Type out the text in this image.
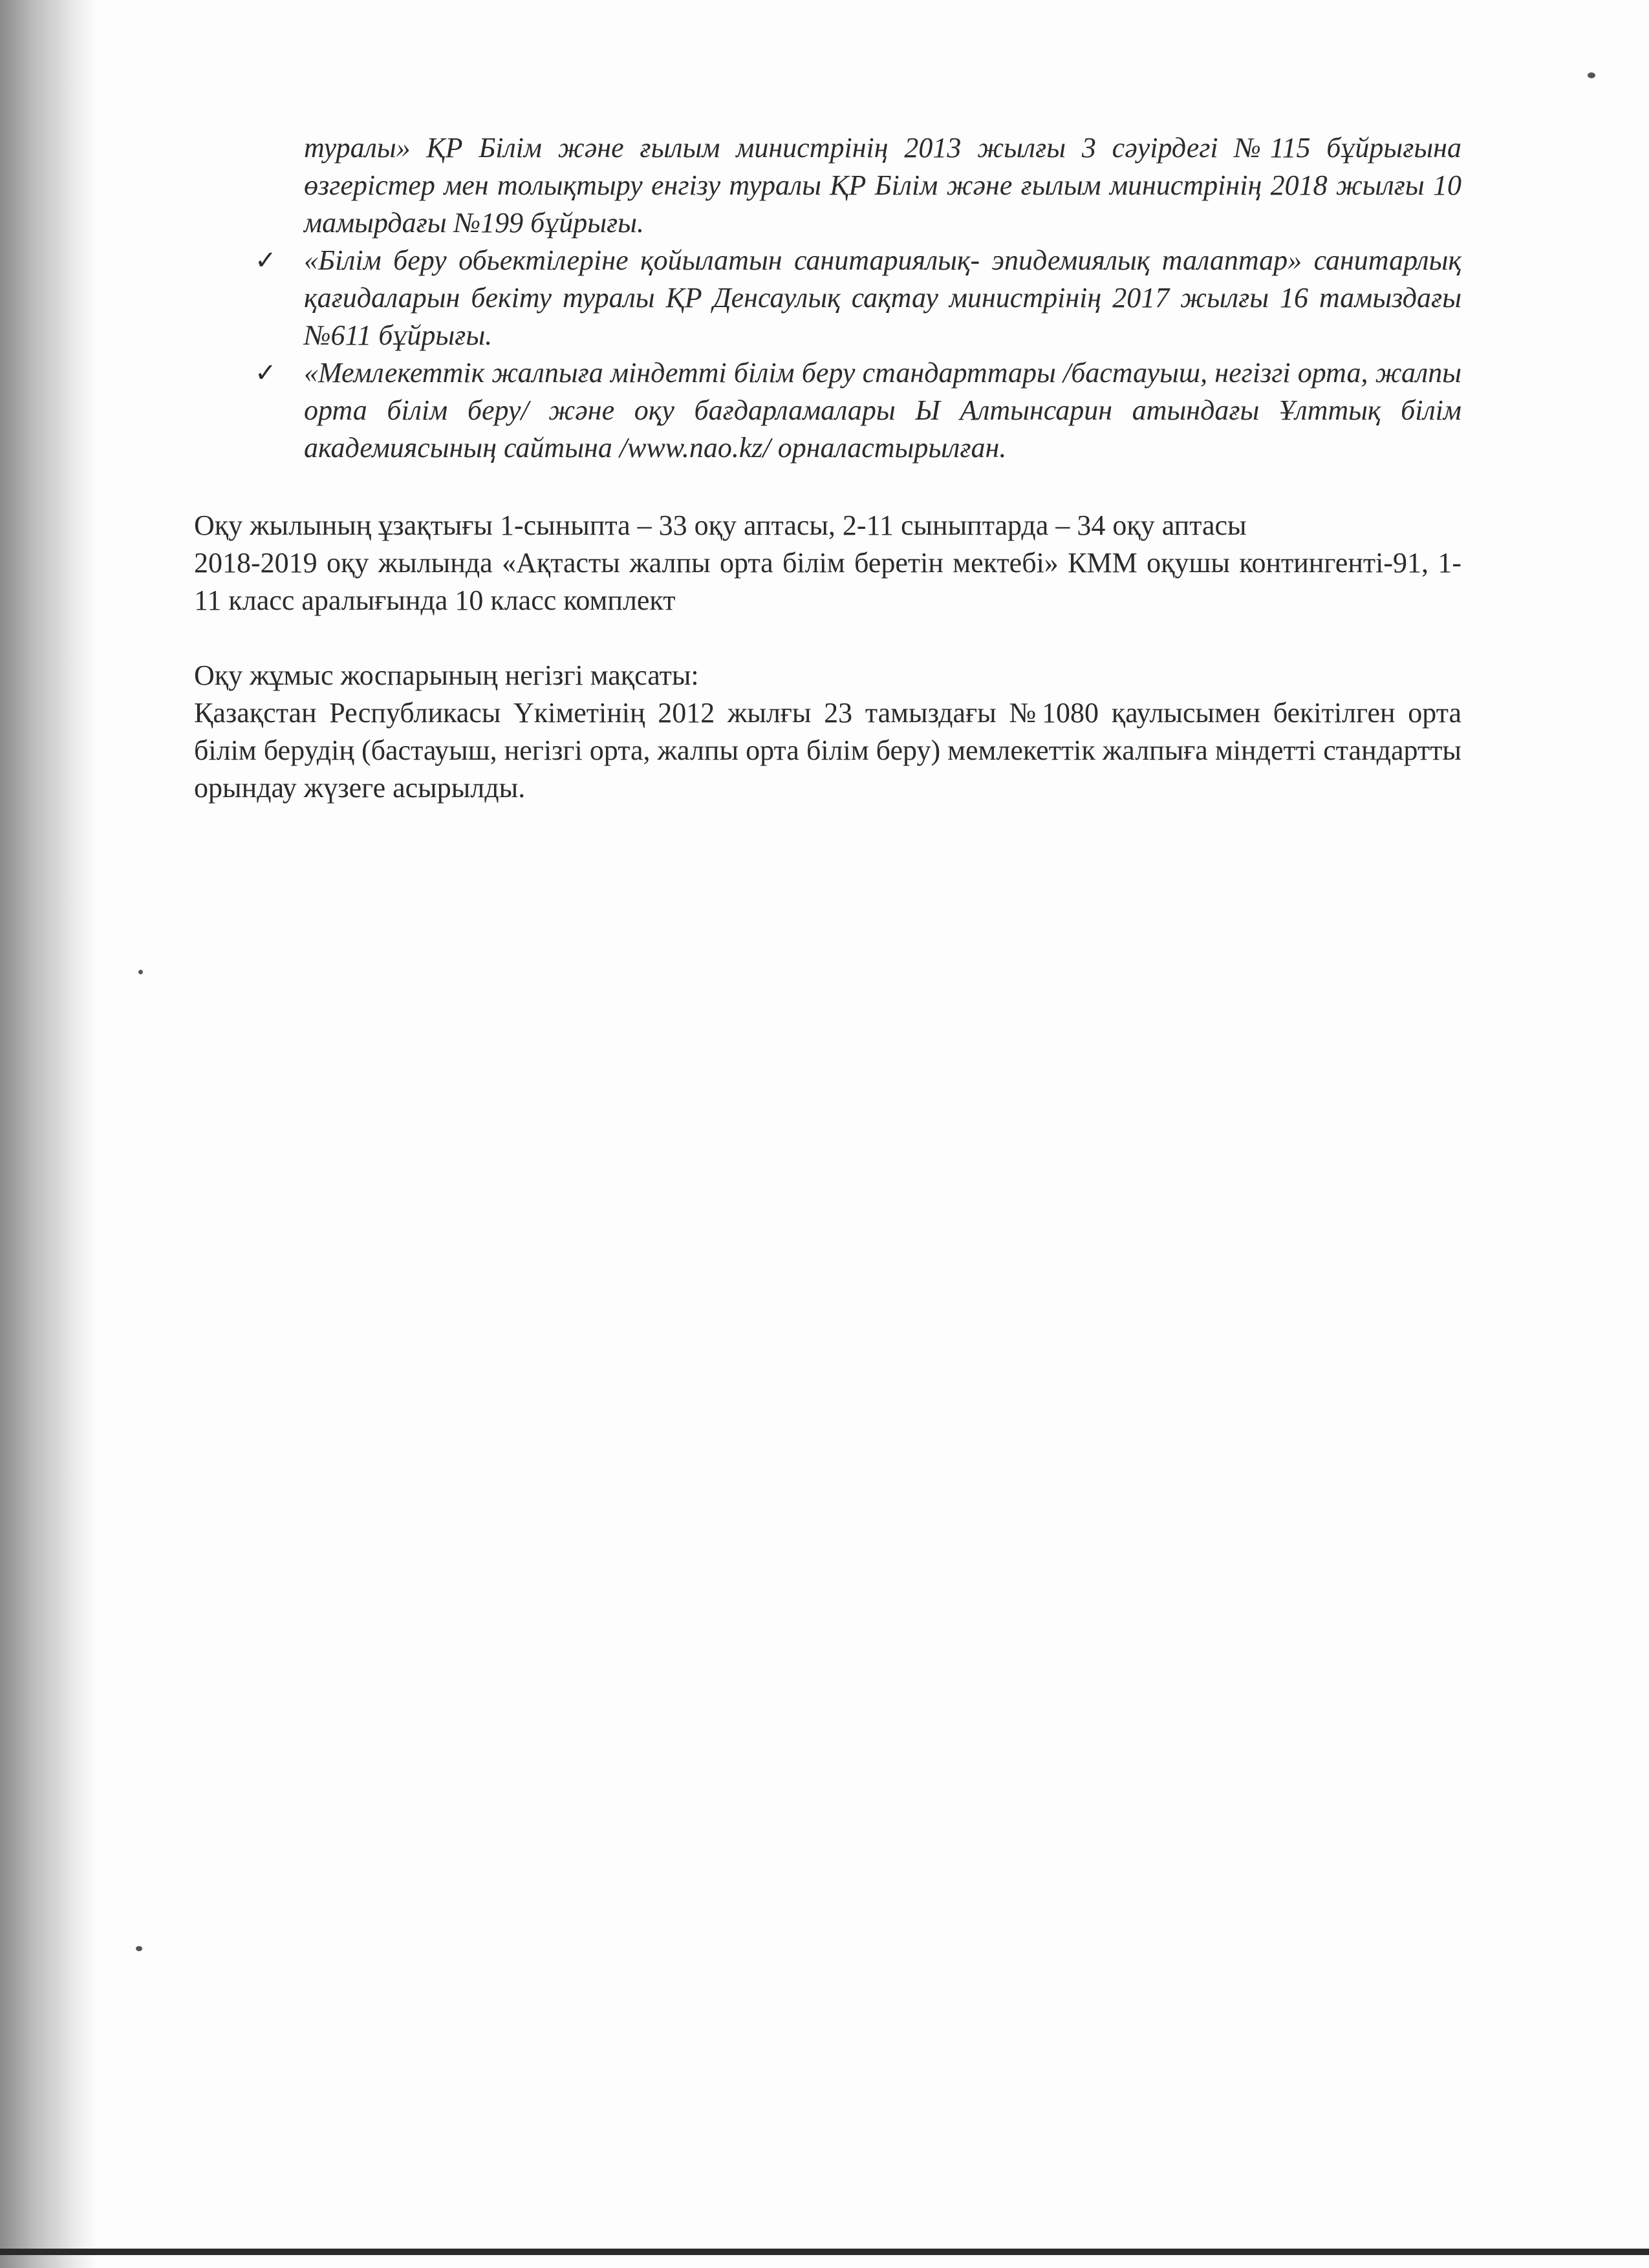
туралы» ҚР Білім және ғылым министрінің 2013 жылғы 3 сәуірдегі №115 бұйрығына өзгерістер мен толықтыру енгізу туралы ҚР Білім және ғылым министрінің 2018 жылғы 10 мамырдағы №199 бұйрығы.

✓ «Білім беру обьектілеріне қойылатын санитариялық- эпидемиялық талаптар» санитарлық қағидаларын бекіту туралы ҚР Денсаулық сақтау министрінің 2017 жылғы 16 тамыздағы №611 бұйрығы.

✓ «Мемлекеттік жалпыға міндетті білім беру стандарттары /бастауыш, негізгі орта, жалпы орта білім беру/ және оқу бағдарламалары Ы Алтынсарин атындағы Ұлттық білім академиясының сайтына /www.nao.kz/ орналастырылған.

Оқу жылының ұзақтығы 1-сыныпта – 33 оқу аптасы, 2-11 сыныптарда – 34 оқу аптасы

2018-2019 оқу жылында «Ақтасты жалпы орта білім беретін мектебі» КММ оқушы контингенті-91, 1-11 класс аралығында 10 класс комплект

Оқу жұмыс жоспарының негізгі мақсаты:

Қазақстан Республикасы Үкіметінің 2012 жылғы 23 тамыздағы №1080 қаулысымен бекітілген орта білім берудің (бастауыш, негізгі орта, жалпы орта білім беру) мемлекеттік жалпыға міндетті стандартты орындау жүзеге асырылды.
